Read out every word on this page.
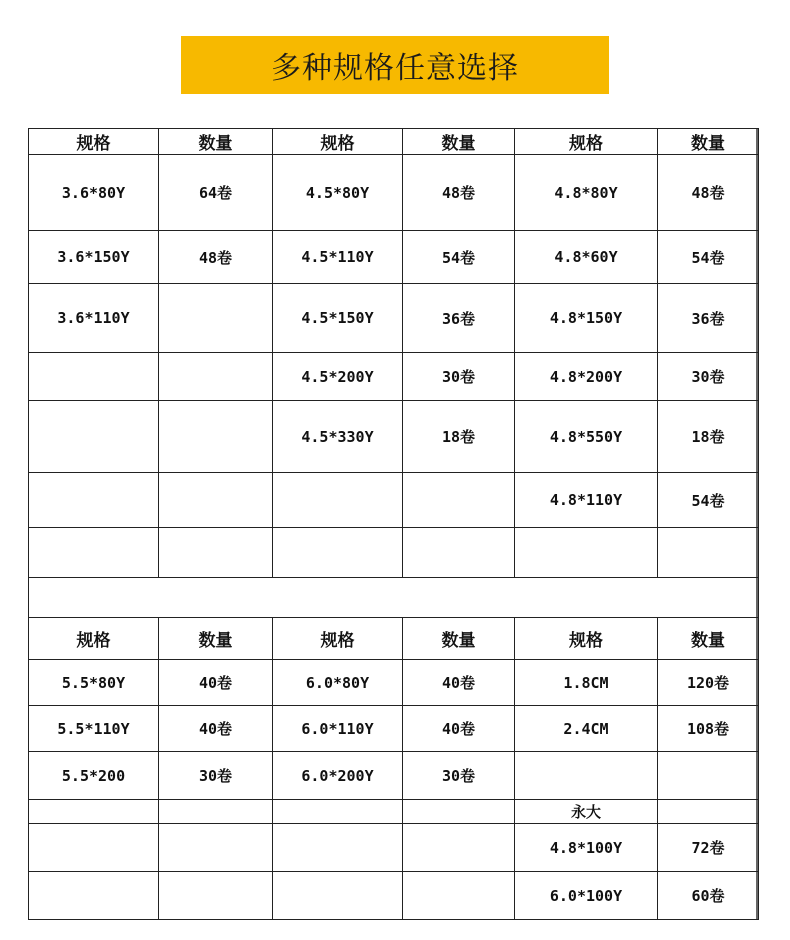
多种规格任意选择
规格	数量	规格	数量	规格	数量
3.6*80Y	64卷	4.5*80Y	48卷	4.8*80Y	48卷
3.6*150Y	48卷	4.5*110Y	54卷	4.8*60Y	54卷
3.6*110Y		4.5*150Y	36卷	4.8*150Y	36卷
		4.5*200Y	30卷	4.8*200Y	30卷
		4.5*330Y	18卷	4.8*550Y	18卷
				4.8*110Y	54卷

规格	数量	规格	数量	规格	数量
5.5*80Y	40卷	6.0*80Y	40卷	1.8CM	120卷
5.5*110Y	40卷	6.0*110Y	40卷	2.4CM	108卷
5.5*200	30卷	6.0*200Y	30卷		
				永大	
				4.8*100Y	72卷
				6.0*100Y	60卷
